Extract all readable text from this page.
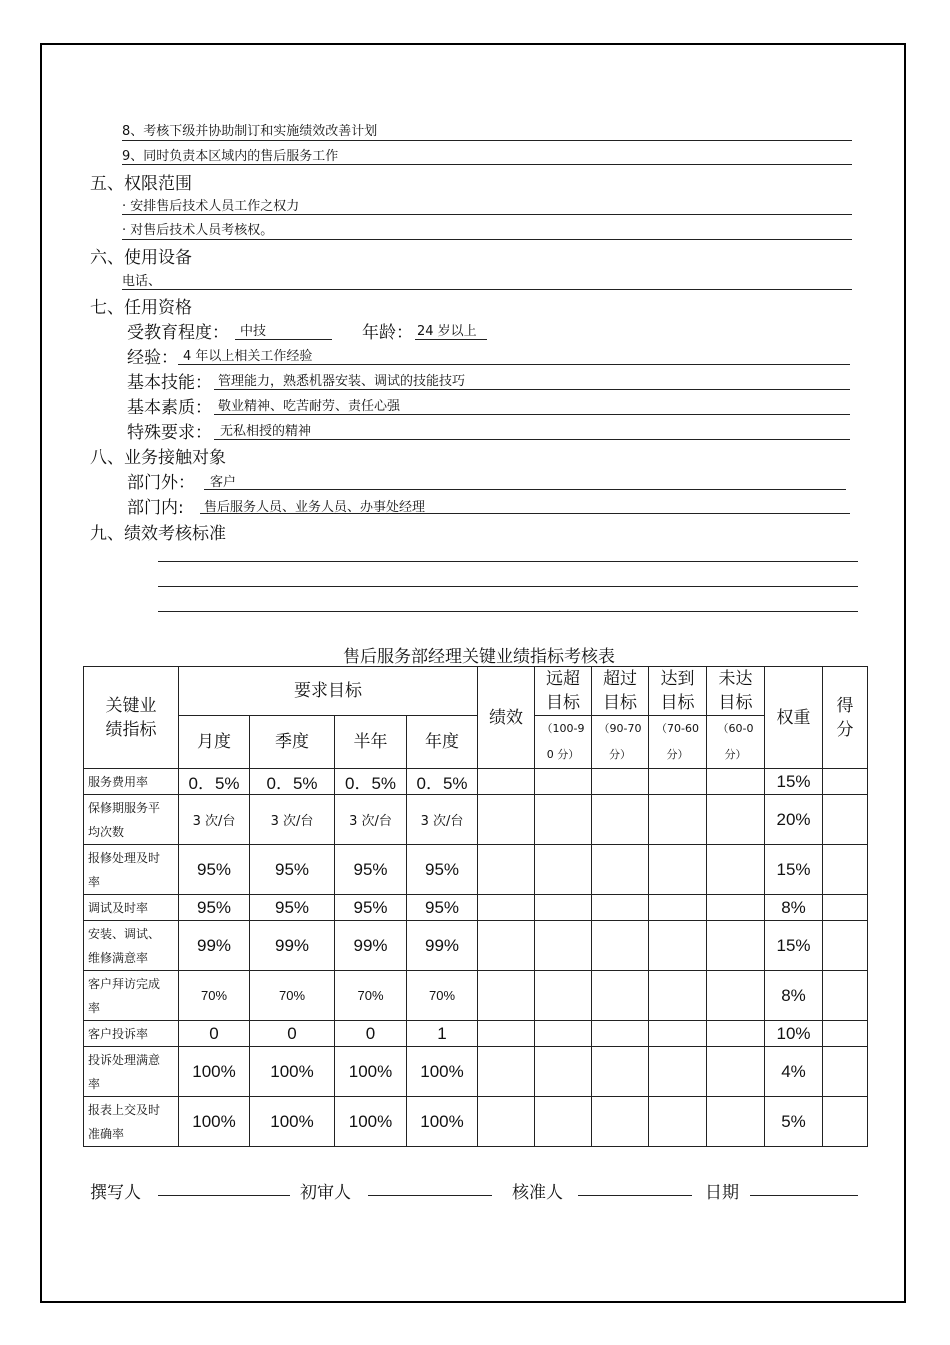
8、考核下级并协助制订和实施绩效改善计划
9、同时负责本区域内的售后服务工作
五、权限范围
· 安排售后技术人员工作之权力
· 对售后技术人员考核权。
六、使用设备
电话、
七、任用资格
受教育程度： 中技	年龄： 24 岁以上
经验： 4 年以上相关工作经验
基本技能： 管理能力，熟悉机器安装、调试的技能技巧
基本素质： 敬业精神、吃苦耐劳、责任心强
特殊要求： 无私相授的精神
八、业务接触对象
部门外： 客户
部门内: 售后服务人员、业务人员、办事处经理
九、绩效考核标准
售后服务部经理关键业绩指标考核表
关键业绩指标	要求目标				绩效	远超目标	超过目标	达到目标	未达目标	权重	得分

	月度	季度	半年	年度		（100-90 分）	（90-70 分）	（70-60 分）	（60-0 分）		

服务费用率	0．5%	0．5%	0．5%	0．5%						15%	

保修期服务平均次数	3 次/台	3 次/台	3 次/台	3 次/台						20%	

报修处理及时率	95%	95%	95%	95%						15%	

调试及时率	95%	95%	95%	95%						8%	

安装、调试、维修满意率	99%	99%	99%	99%						15%	

客户拜访完成率	70%	70%	70%	70%						8%	

客户投诉率	0	0	0	1						10%	

投诉处理满意率	100%	100%	100%	100%						4%	

报表上交及时准确率	100%	100%	100%	100%						5%	
撰写人	初审人	核准人	日期
